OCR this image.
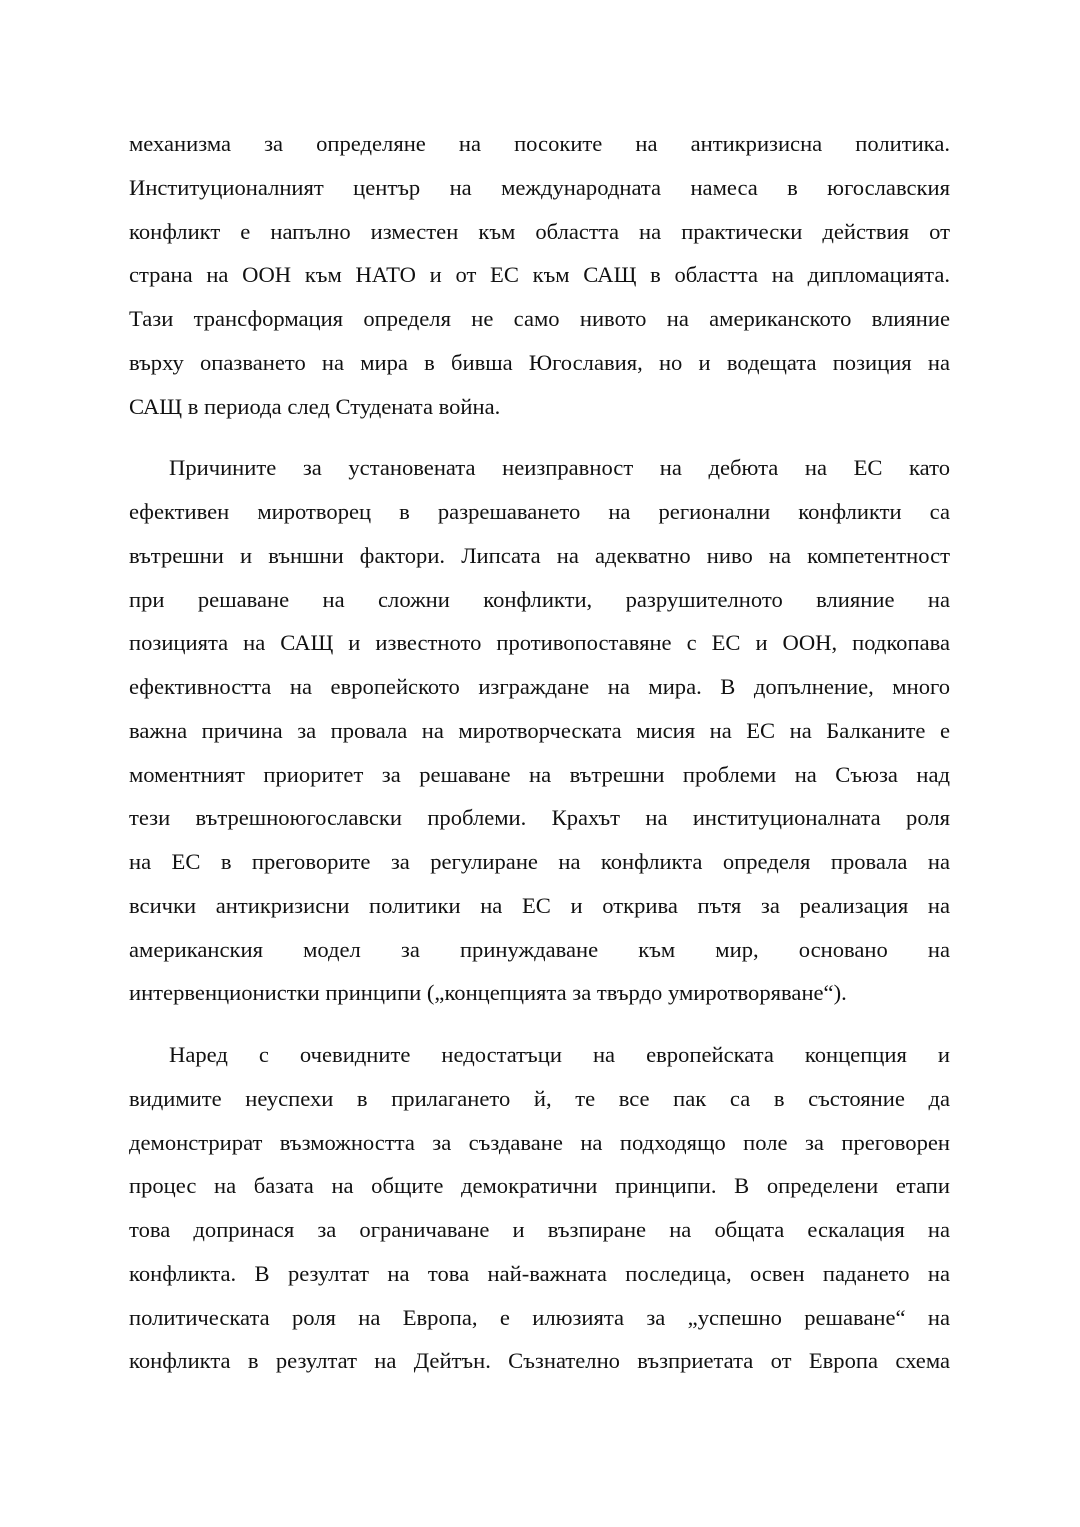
механизма за определяне на посоките на антикризисна политика.
Институционалният център на международната намеса в югославския
конфликт е напълно изместен към областта на практически действия от
страна на ООН към НАТО и от ЕС към САЩ в областта на дипломацията.
Тази трансформация определя не само нивото на американското влияние
върху опазването на мира в бивша Югославия, но и водещата позиция на
САЩ в периода след Студената война.
Причините за установената неизправност на дебюта на ЕС като
ефективен миротворец в разрешаването на регионални конфликти са
вътрешни и външни фактори. Липсата на адекватно ниво на компетентност
при решаване на сложни конфликти, разрушителното влияние на
позицията на САЩ и известното противопоставяне с ЕС и ООН, подкопава
ефективността на европейското изграждане на мира. В допълнение, много
важна причина за провала на миротворческата мисия на ЕС на Балканите е
моментният приоритет за решаване на вътрешни проблеми на Съюза над
тези вътрешноюгославски проблеми. Крахът на институционалната роля
на ЕС в преговорите за регулиране на конфликта определя провала на
всички антикризисни политики на ЕС и открива пътя за реализация на
американския модел за принуждаване към мир, основано на
интервенционистки принципи („концепцията за твърдо умиротворяване“).
Наред с очевидните недостатъци на европейската концепция и
видимите неуспехи в прилагането й, те все пак са в състояние да
демонстрират възможността за създаване на подходящо поле за преговорен
процес на базата на общите демократични принципи. В определени етапи
това допринася за ограничаване и възпиране на общата ескалация на
конфликта. В резултат на това най-важната последица, освен падането на
политическата роля на Европа, е илюзията за „успешно решаване“ на
конфликта в резултат на Дейтън. Съзнателно възприетата от Европа схема
